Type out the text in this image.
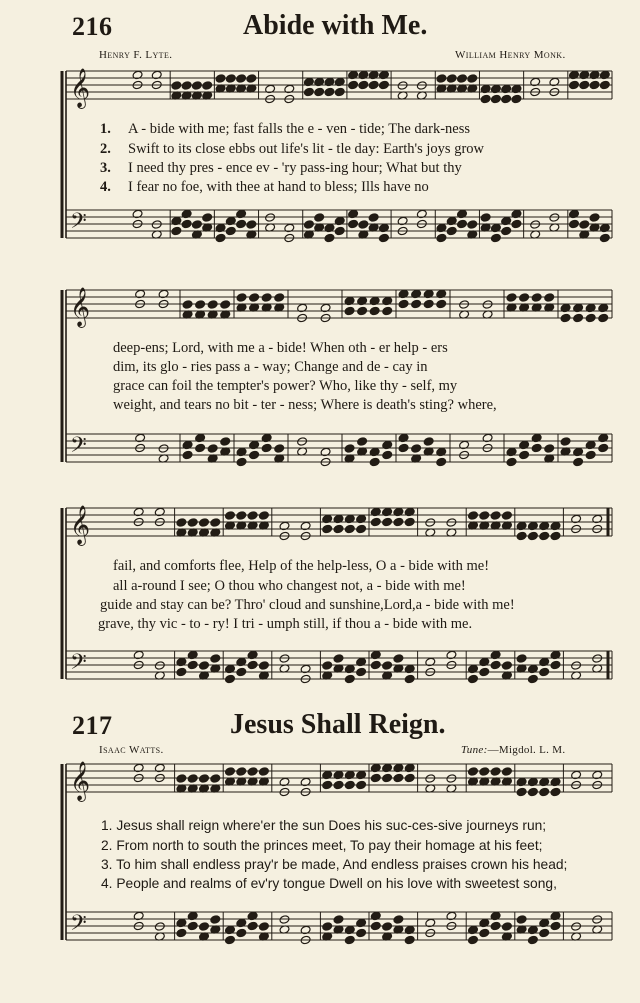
𝄞
𝄢
𝄞
𝄢
𝄞
𝄢
𝄞
𝄢
216	Abide with Me.
Henry F. Lyte.	William Henry Monk.
1. A - bide with me; fast falls the e - ven - tide; The dark-ness
2. Swift to its close ebbs out life's lit - tle day: Earth's joys grow
3. I need thy pres - ence ev - 'ry pass-ing hour; What but thy
4. I fear no foe, with thee at hand to bless; Ills have no
deep-ens; Lord, with me a - bide! When oth - er help - ers
dim, its glo - ries pass a - way; Change and de - cay in
grace can foil the tempter's power? Who, like thy - self, my
weight, and tears no bit - ter - ness; Where is death's sting? where,
fail, and comforts flee, Help of the help-less, O a - bide with me!
all a-round I see; O thou who changest not, a - bide with me!
guide and stay can be? Thro' cloud and sunshine,Lord,a - bide with me!
grave, thy vic - to - ry! I tri - umph still, if thou a - bide with me.
217	Jesus Shall Reign.
Isaac Watts.	Tune:—Migdol. L. M.
1. Jesus shall reign where'er the sun Does his suc-ces-sive journeys run;
2. From north to south the princes meet, To pay their homage at his feet;
3. To him shall endless pray'r be made, And endless praises crown his head;
4. People and realms of ev'ry tongue Dwell on his love with sweetest song,
